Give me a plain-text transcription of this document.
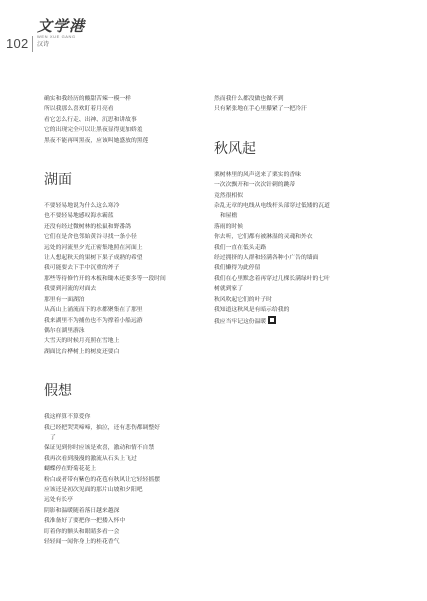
102
文学港
WEN XUE GANG
汉诗

确实和我经历的酸甜苦辣一模一样

所以我那么喜欢盯着月亮看

看它怎么行走、出神、沉思和讲故事

它的出现完全可以让黑夜显得更加娇羞

黑夜不能再叫黑夜，应该叫她盛放的黑莲

湖面

不要轻易地说为什么这么寒冷

也不要轻易地感叹海水霸蓝

还没有经过微树林的松鼠和野番鸽

它们在是舍也邻始黄谷寻找一条小径

远处的河流里夕光正密集地照在河面上

让人想起秋天的果树下果子成熟的希望

我可能要去下手中沉重的斧子

那些等待修竹开的木板和锄木还要多等一段时间

我要到河流的对面去

那里有一面湖泊

从高山上涌流而下的水都聚集在了那里

我来湖里不为捕鱼也不为撑着小船远游

偶尔在湖里游泳

大雪天的时候月亮照在雪地上

湖面比台桦树上的树皮还要白

假想

我这样算不算爱你

我已经把哭哭啼啼，抽泣，还有悲伤都调整好

了

保证见到你时应该是欢喜，激动和情不自禁

我再次看到漫漫的激流从石头上飞过

蝴蝶停在野菊花花上

粉白或者带有紫色的花苞有秋风让它轻轻摇摆

应该还是初次见面的那片山坡和夕阳吧

远处有长亭

阴影和温暖随着落日越来越深

我准备好了要把你一把搂入怀中

盯着你的额头和眼睛多看一会

轻轻闻一闻你身上的桂花香气

然而我什么都没做也做不到

只有紧张地在手心里攥紧了一把冷汗

秋风起

栗树林里的风声送来了栗实的香味

一次次飘开和一次次针刺的跳蒂

竟然很相似

杂乱无章的电线从电线杆头部穿过低矮的瓦道

和屋檐

落雨的时候

你去听，它们都有被淋湿的灵魂和外衣

我们一直在低头走路

经过拥挤的人群和轻满各种小广告的墙面

我们懒得为此停留

我们在心里默念着再穿过几棵长满绿叶的七叶

树就到家了

秋风吹起它们的叶子时

我知道这秋风是有暗示给我的

我应当牢记这份温暖
